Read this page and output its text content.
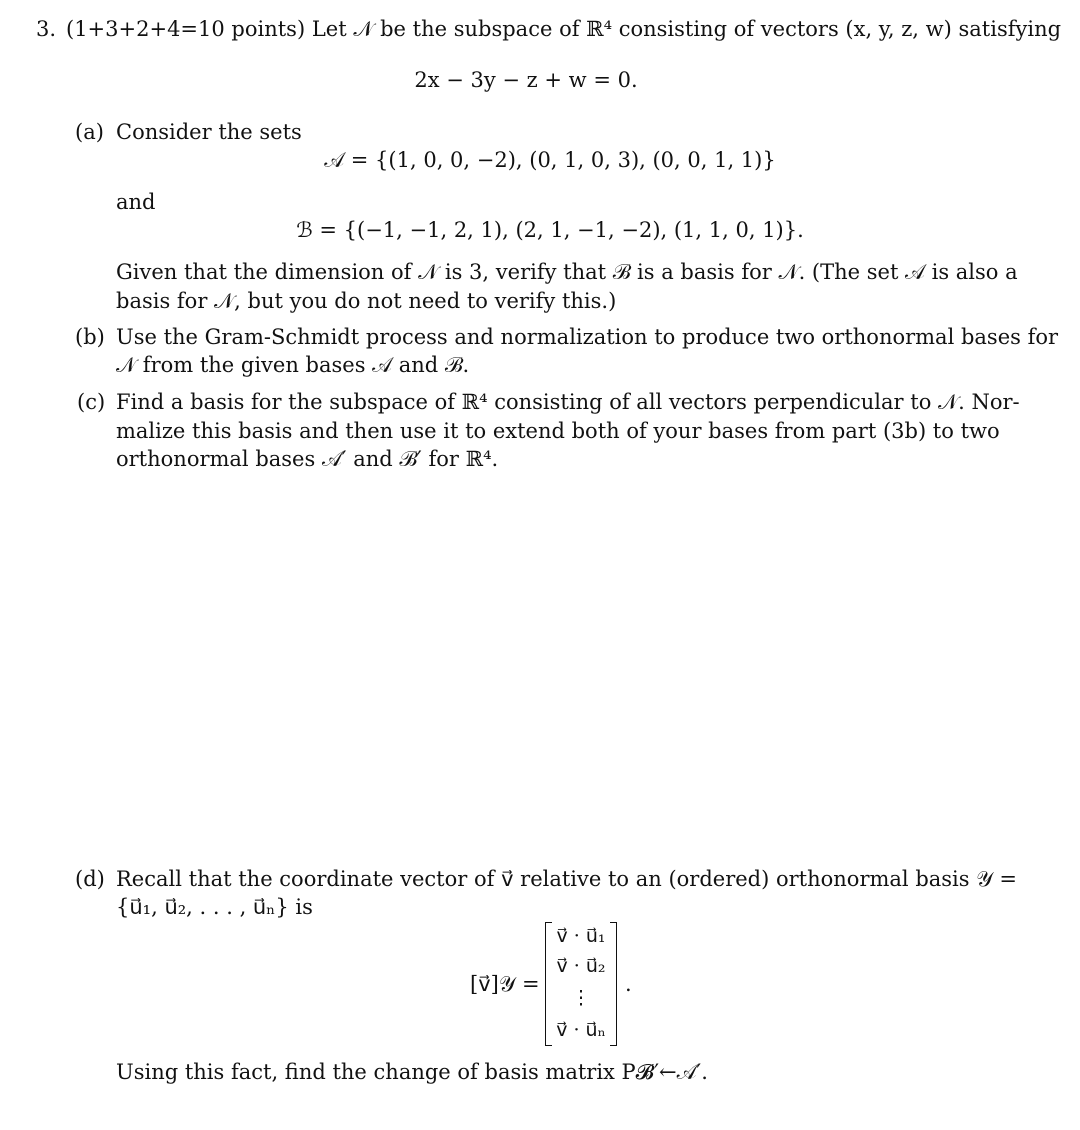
3. (1+3+2+4=10 points) Let 𝒩 be the subspace of ℝ⁴ consisting of vectors (x, y, z, w) satisfying
2x − 3y − z + w = 0.
(a) Consider the sets
𝒜 = {(1, 0, 0, −2), (0, 1, 0, 3), (0, 0, 1, 1)}
and
ℬ = {(−1, −1, 2, 1), (2, 1, −1, −2), (1, 1, 0, 1)}.
Given that the dimension of 𝒩 is 3, verify that ℬ is a basis for 𝒩. (The set 𝒜 is also a
basis for 𝒩, but you do not need to verify this.)
(b) Use the Gram-Schmidt process and normalization to produce two orthonormal bases for
𝒩 from the given bases 𝒜 and ℬ.
(c) Find a basis for the subspace of ℝ⁴ consisting of all vectors perpendicular to 𝒩. Nor-
malize this basis and then use it to extend both of your bases from part (3b) to two
orthonormal bases 𝒜′ and ℬ′ for ℝ⁴.
(d) Recall that the coordinate vector of v⃗ relative to an (ordered) orthonormal basis 𝒴 =
{u⃗₁, u⃗₂, . . . , u⃗ₙ} is
[v⃗]𝒴 =
v⃗ · u⃗₁
v⃗ · u⃗₂
⋮
v⃗ · u⃗ₙ
.
Using this fact, find the change of basis matrix P𝓑′←𝒜′.
